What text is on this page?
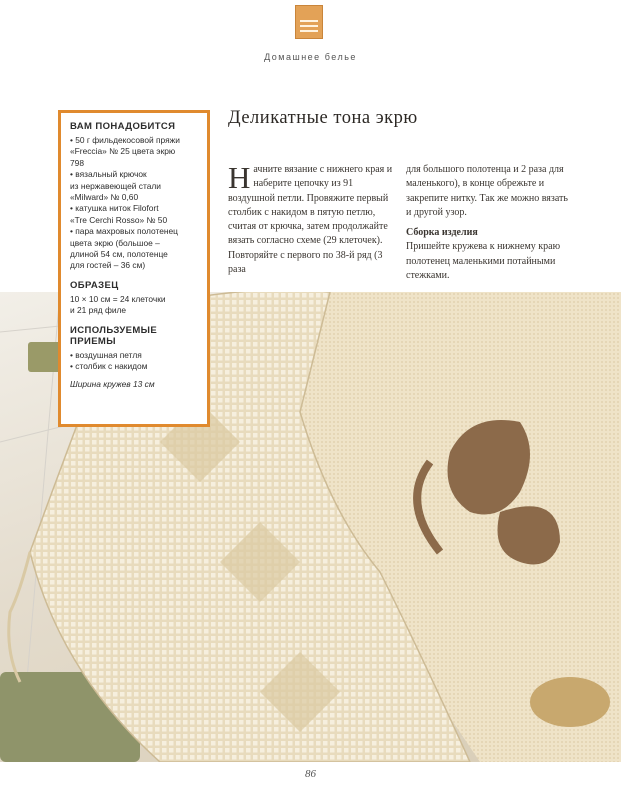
Домашнее белье
ВАМ ПОНАДОБИТСЯ
• 50 г фильдекосовой пряжи
«Freccia» № 25 цвета экрю
798
• вязальный крючок
из нержавеющей стали
«Milward» № 0,60
• катушка ниток Filofort
«Tre Cerchi Rosso» № 50
• пара махровых полотенец
цвета экрю (большое –
длиной 54 см, полотенце
для гостей – 36 см)
ОБРАЗЕЦ
10 × 10 см = 24 клеточки
и 21 ряд филе
ИСПОЛЬЗУЕМЫЕ ПРИЕМЫ
• воздушная петля
• столбик с накидом
Ширина кружев 13 см
Деликатные тона экрю
Начните вязание с нижнего края и наберите цепочку из 91 воздушной петли. Провяжите первый столбик с накидом в пятую петлю, считая от крючка, затем продолжайте вязать согласно схеме (29 клеточек). Повторяйте с первого по 38-й ряд (3 раза
для большого полотенца и 2 раза для маленького), в конце обрежьте и закрепите нитку. Так же можно вязать и другой узор.
Сборка изделия
Пришейте кружева к нижнему краю полотенец маленькими потайными стежками.
86
